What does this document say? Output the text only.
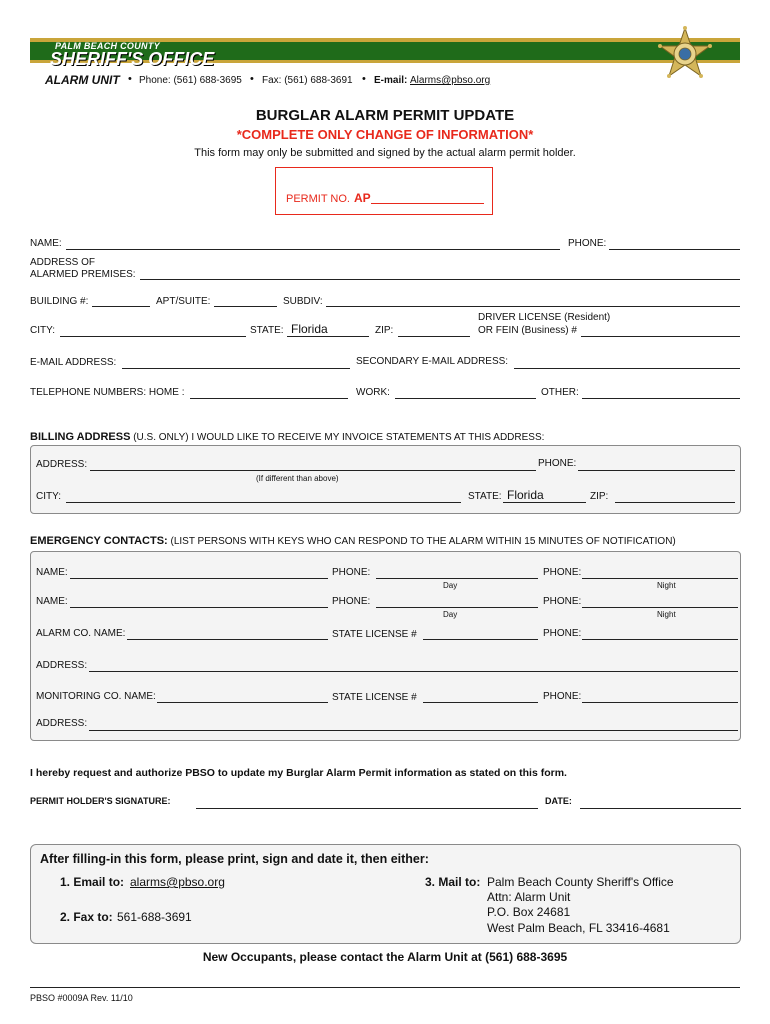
PALM BEACH COUNTY
SHERIFF'S OFFICE
ALARM UNIT • Phone: (561) 688-3695 • Fax: (561) 688-3691 • E-mail: Alarms@pbso.org
BURGLAR ALARM PERMIT UPDATE
*COMPLETE ONLY CHANGE OF INFORMATION*
This form may only be submitted and signed by the actual alarm permit holder.
PERMIT NO. AP
NAME:	PHONE:
ADDRESS OF
ALARMED PREMISES:
BUILDING #:	APT/SUITE:	SUBDIV:
DRIVER LICENSE (Resident)
CITY:	STATE: Florida	ZIP:	OR FEIN (Business) #
E-MAIL ADDRESS:	SECONDARY E-MAIL ADDRESS:
TELEPHONE NUMBERS: HOME :	WORK:	OTHER:
BILLING ADDRESS (U.S. ONLY) I WOULD LIKE TO RECEIVE MY INVOICE STATEMENTS AT THIS ADDRESS:
ADDRESS:	PHONE:
(If different than above)
CITY:	STATE: Florida	ZIP:
EMERGENCY CONTACTS: (LIST PERSONS WITH KEYS WHO CAN RESPOND TO THE ALARM WITHIN 15 MINUTES OF NOTIFICATION)
NAME:	PHONE:	PHONE:
Day	Night
NAME:	PHONE:	PHONE:
Day	Night
ALARM CO. NAME:	STATE LICENSE #	PHONE:
ADDRESS:
MONITORING CO. NAME:	STATE LICENSE #	PHONE:
ADDRESS:
I hereby request and authorize PBSO to update my Burglar Alarm Permit information as stated on this form.
PERMIT HOLDER'S SIGNATURE:	DATE:
After filling-in this form, please print, sign and date it, then either:
1. Email to: alarms@pbso.org
2. Fax to: 561-688-3691
3. Mail to: Palm Beach County Sheriff's Office
Attn: Alarm Unit
P.O. Box 24681
West Palm Beach, FL 33416-4681
New Occupants, please contact the Alarm Unit at (561) 688-3695
PBSO #0009A Rev. 11/10
